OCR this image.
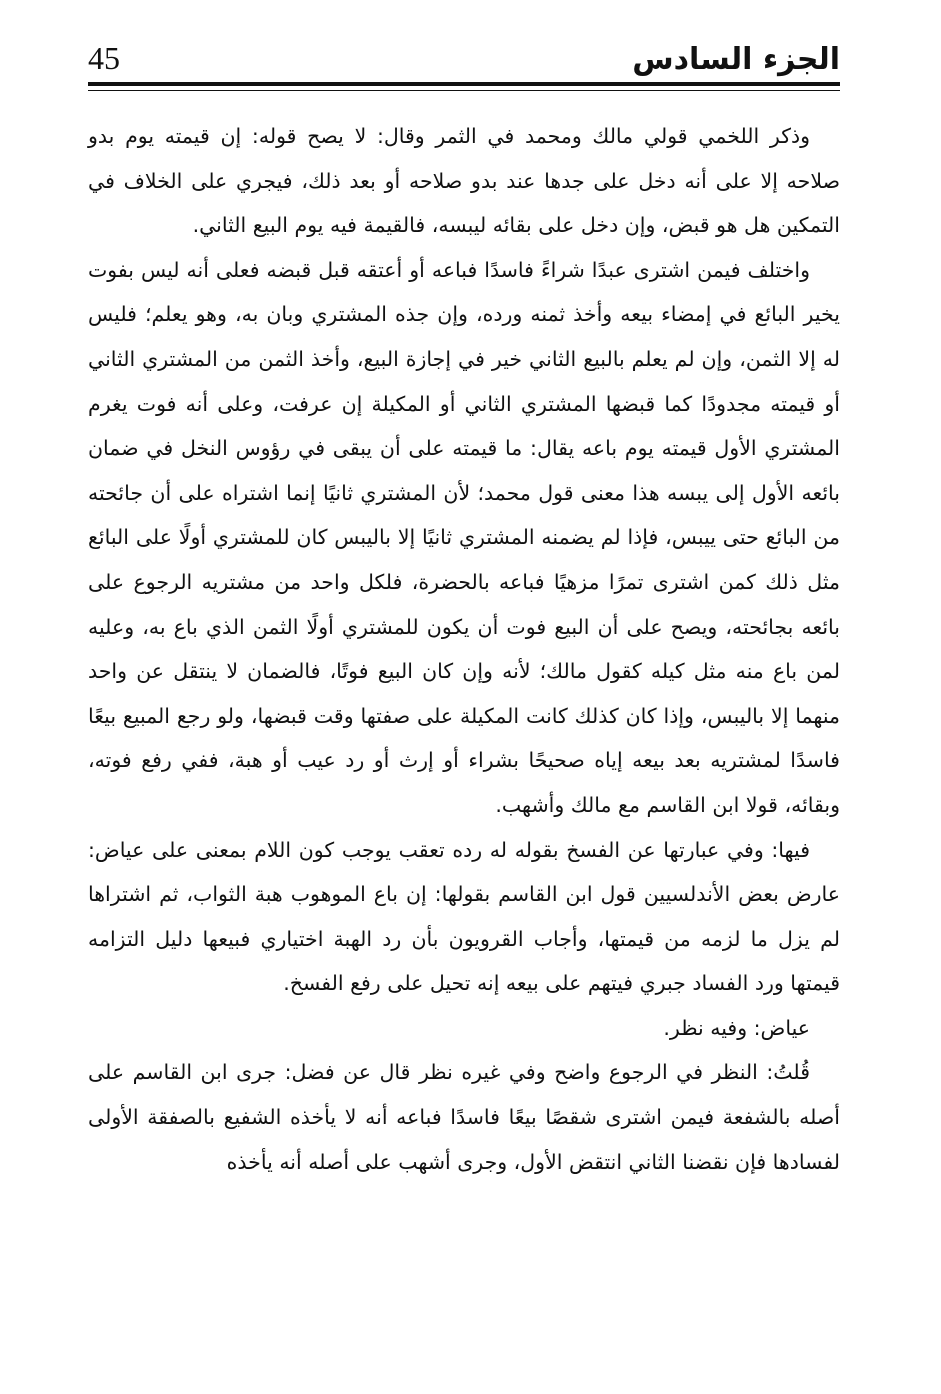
الجزء السادس
45

وذكر اللخمي قولي مالك ومحمد في الثمر وقال: لا يصح قوله: إن قيمته يوم بدو صلاحه إلا على أنه دخل على جدها عند بدو صلاحه أو بعد ذلك، فيجري على الخلاف في التمكين هل هو قبض، وإن دخل على بقائه ليبسه، فالقيمة فيه يوم البيع الثاني.

واختلف فيمن اشترى عبدًا شراءً فاسدًا فباعه أو أعتقه قبل قبضه فعلى أنه ليس بفوت يخير البائع في إمضاء بيعه وأخذ ثمنه ورده، وإن جذه المشتري وبان به، وهو يعلم؛ فليس له إلا الثمن، وإن لم يعلم بالبيع الثاني خير في إجازة البيع، وأخذ الثمن من المشتري الثاني أو قيمته مجدودًا كما قبضها المشتري الثاني أو المكيلة إن عرفت، وعلى أنه فوت يغرم المشتري الأول قيمته يوم باعه يقال: ما قيمته على أن يبقى في رؤوس النخل في ضمان بائعه الأول إلى يبسه هذا معنى قول محمد؛ لأن المشتري ثانيًا إنما اشتراه على أن جائحته من البائع حتى ييبس، فإذا لم يضمنه المشتري ثانيًا إلا باليبس كان للمشتري أولًا على البائع مثل ذلك كمن اشترى تمرًا مزهيًا فباعه بالحضرة، فلكل واحد من مشتريه الرجوع على بائعه بجائحته، ويصح على أن البيع فوت أن يكون للمشتري أولًا الثمن الذي باع به، وعليه لمن باع منه مثل كيله كقول مالك؛ لأنه وإن كان البيع فوتًا، فالضمان لا ينتقل عن واحد منهما إلا باليبس، وإذا كان كذلك كانت المكيلة على صفتها وقت قبضها، ولو رجع المبيع بيعًا فاسدًا لمشتريه بعد بيعه إياه صحيحًا بشراء أو إرث أو رد عيب أو هبة، ففي رفع فوته، وبقائه، قولا ابن القاسم مع مالك وأشهب.

فيها: وفي عبارتها عن الفسخ بقوله له رده تعقب يوجب كون اللام بمعنى على عياض: عارض بعض الأندلسيين قول ابن القاسم بقولها: إن باع الموهوب هبة الثواب، ثم اشتراها لم يزل ما لزمه من قيمتها، وأجاب القرويون بأن رد الهبة اختياري فبيعها دليل التزامه قيمتها ورد الفساد جبري فيتهم على بيعه إنه تحيل على رفع الفسخ.

عياض: وفيه نظر.

قُلتُ: النظر في الرجوع واضح وفي غيره نظر قال عن فضل: جرى ابن القاسم على أصله بالشفعة فيمن اشترى شقصًا بيعًا فاسدًا فباعه أنه لا يأخذه الشفيع بالصفقة الأولى لفسادها فإن نقضنا الثاني انتقض الأول، وجرى أشهب على أصله أنه يأخذه
